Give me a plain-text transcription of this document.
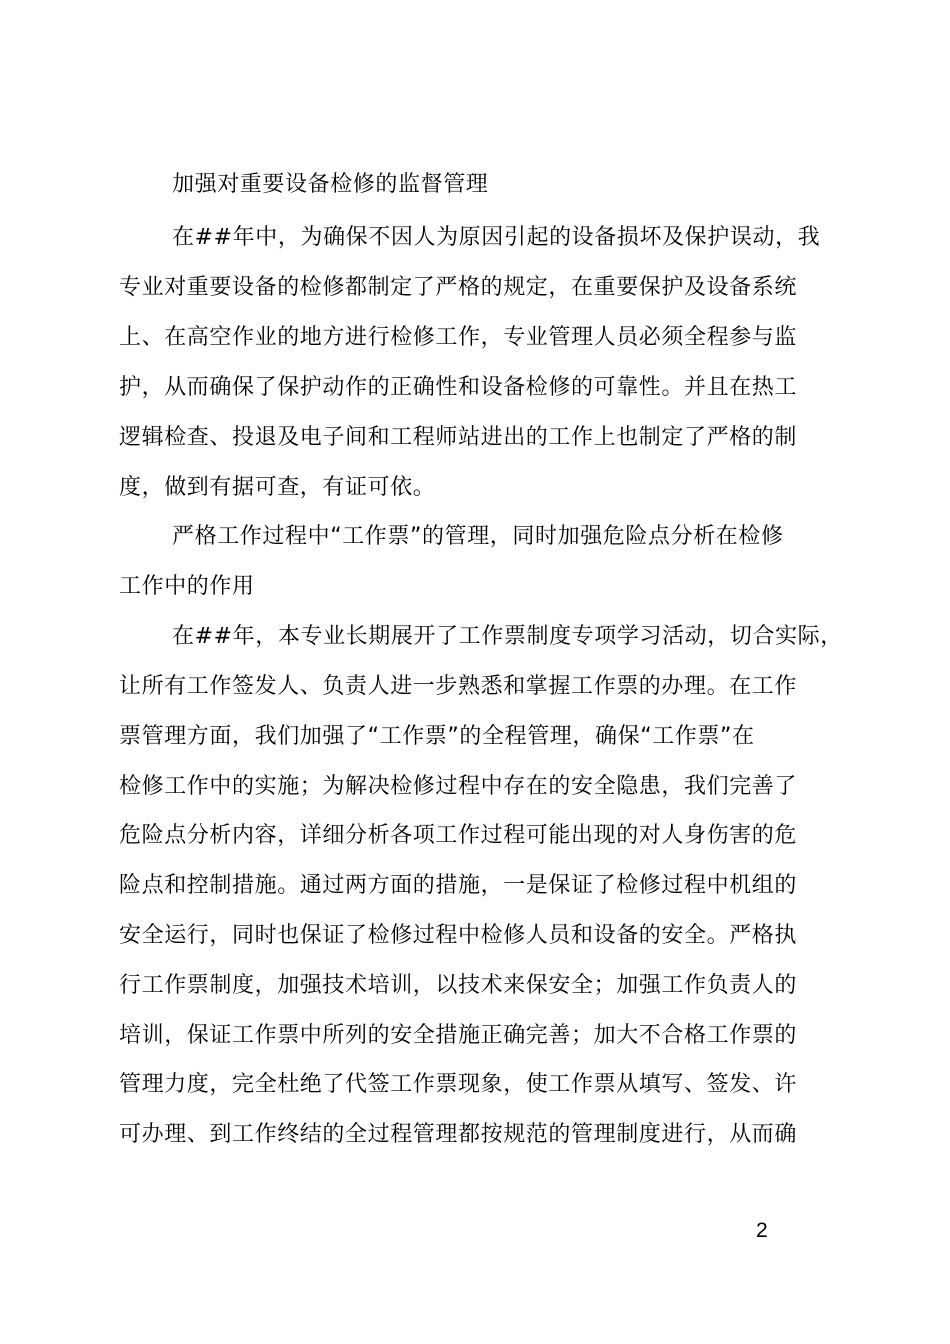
加强对重要设备检修的监督管理
在##年中，为确保不因人为原因引起的设备损坏及保护误动，我
专业对重要设备的检修都制定了严格的规定，在重要保护及设备系统
上、在高空作业的地方进行检修工作，专业管理人员必须全程参与监
护，从而确保了保护动作的正确性和设备检修的可靠性。并且在热工
逻辑检查、投退及电子间和工程师站进出的工作上也制定了严格的制
度，做到有据可查，有证可依。
严格工作过程中“工作票”的管理，同时加强危险点分析在检修
工作中的作用
在##年，本专业长期展开了工作票制度专项学习活动，切合实际，
让所有工作签发人、负责人进一步熟悉和掌握工作票的办理。在工作
票管理方面，我们加强了“工作票”的全程管理，确保“工作票”在
检修工作中的实施；为解决检修过程中存在的安全隐患，我们完善了
危险点分析内容，详细分析各项工作过程可能出现的对人身伤害的危
险点和控制措施。通过两方面的措施，一是保证了检修过程中机组的
安全运行，同时也保证了检修过程中检修人员和设备的安全。严格执
行工作票制度，加强技术培训，以技术来保安全；加强工作负责人的
培训，保证工作票中所列的安全措施正确完善；加大不合格工作票的
管理力度，完全杜绝了代签工作票现象，使工作票从填写、签发、许
可办理、到工作终结的全过程管理都按规范的管理制度进行，从而确
2
